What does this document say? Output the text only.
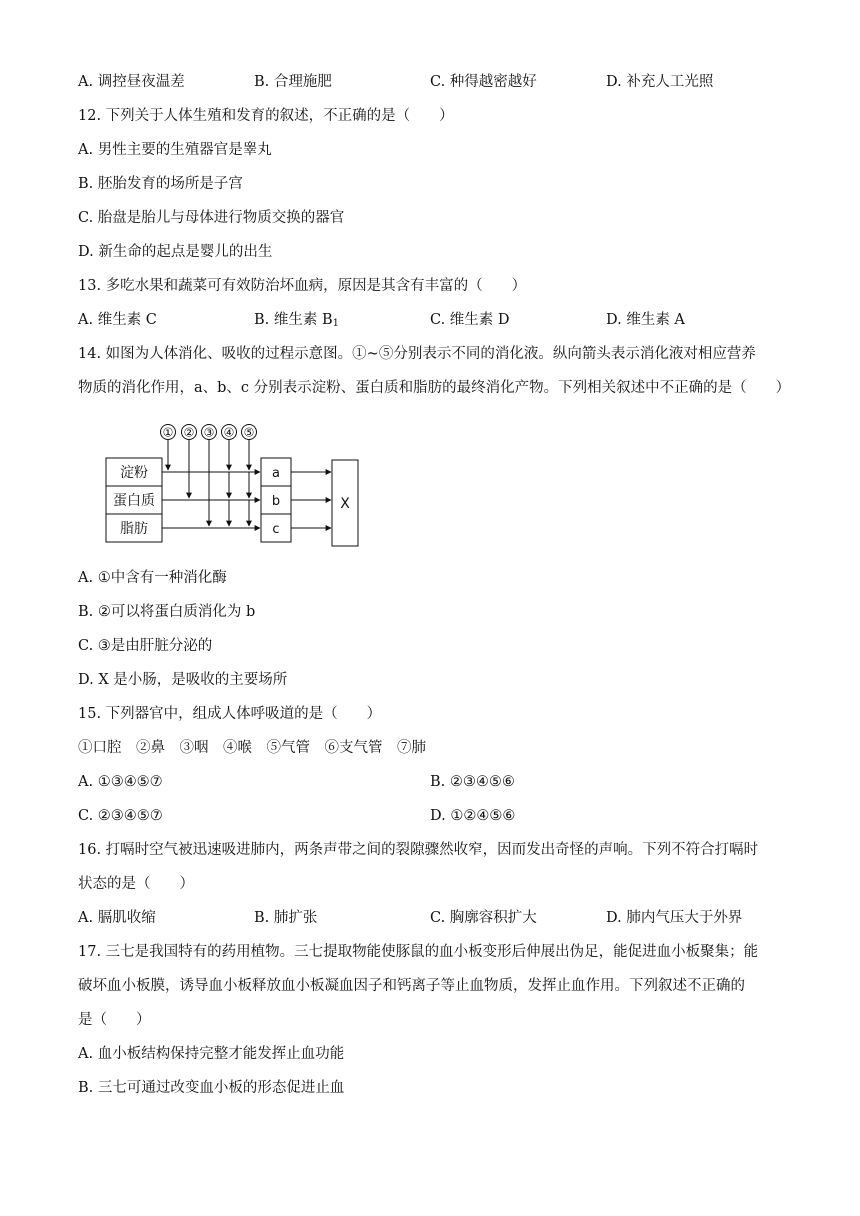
A. 调控昼夜温差	B. 合理施肥	C. 种得越密越好	D. 补充人工光照
12. 下列关于人体生殖和发育的叙述，不正确的是（　　）
A. 男性主要的生殖器官是睾丸
B. 胚胎发育的场所是子宫
C. 胎盘是胎儿与母体进行物质交换的器官
D. 新生命的起点是婴儿的出生
13. 多吃水果和蔬菜可有效防治坏血病，原因是其含有丰富的（　　）
A. 维生素 C	B. 维生素 $B_1$	C. 维生素 D	D. 维生素 A
14. 如图为人体消化、吸收的过程示意图。①~⑤分别表示不同的消化液。纵向箭头表示消化液对相应营养
物质的消化作用，a、b、c 分别表示淀粉、蛋白质和脂肪的最终消化产物。下列相关叙述中不正确的是（　　）
① ② ③ ④ ⑤
淀粉
蛋白质
脂肪
a
b
c
X
A. ①中含有一种消化酶
B. ②可以将蛋白质消化为 b
C. ③是由肝脏分泌的
D. X 是小肠，是吸收的主要场所
15. 下列器官中，组成人体呼吸道的是（　　）
①口腔　②鼻　③咽　④喉　⑤气管　⑥支气管　⑦肺
A. ①③④⑤⑦	B. ②③④⑤⑥
C. ②③④⑤⑦	D. ①②④⑤⑥
16. 打嗝时空气被迅速吸进肺内，两条声带之间的裂隙骤然收窄，因而发出奇怪的声响。下列不符合打嗝时
状态的是（　　）
A. 膈肌收缩	B. 肺扩张	C. 胸廓容积扩大	D. 肺内气压大于外界
17. 三七是我国特有的药用植物。三七提取物能使豚鼠的血小板变形后伸展出伪足，能促进血小板聚集；能
破坏血小板膜，诱导血小板释放血小板凝血因子和钙离子等止血物质，发挥止血作用。下列叙述不正确的
是（　　）
A. 血小板结构保持完整才能发挥止血功能
B. 三七可通过改变血小板的形态促进止血
